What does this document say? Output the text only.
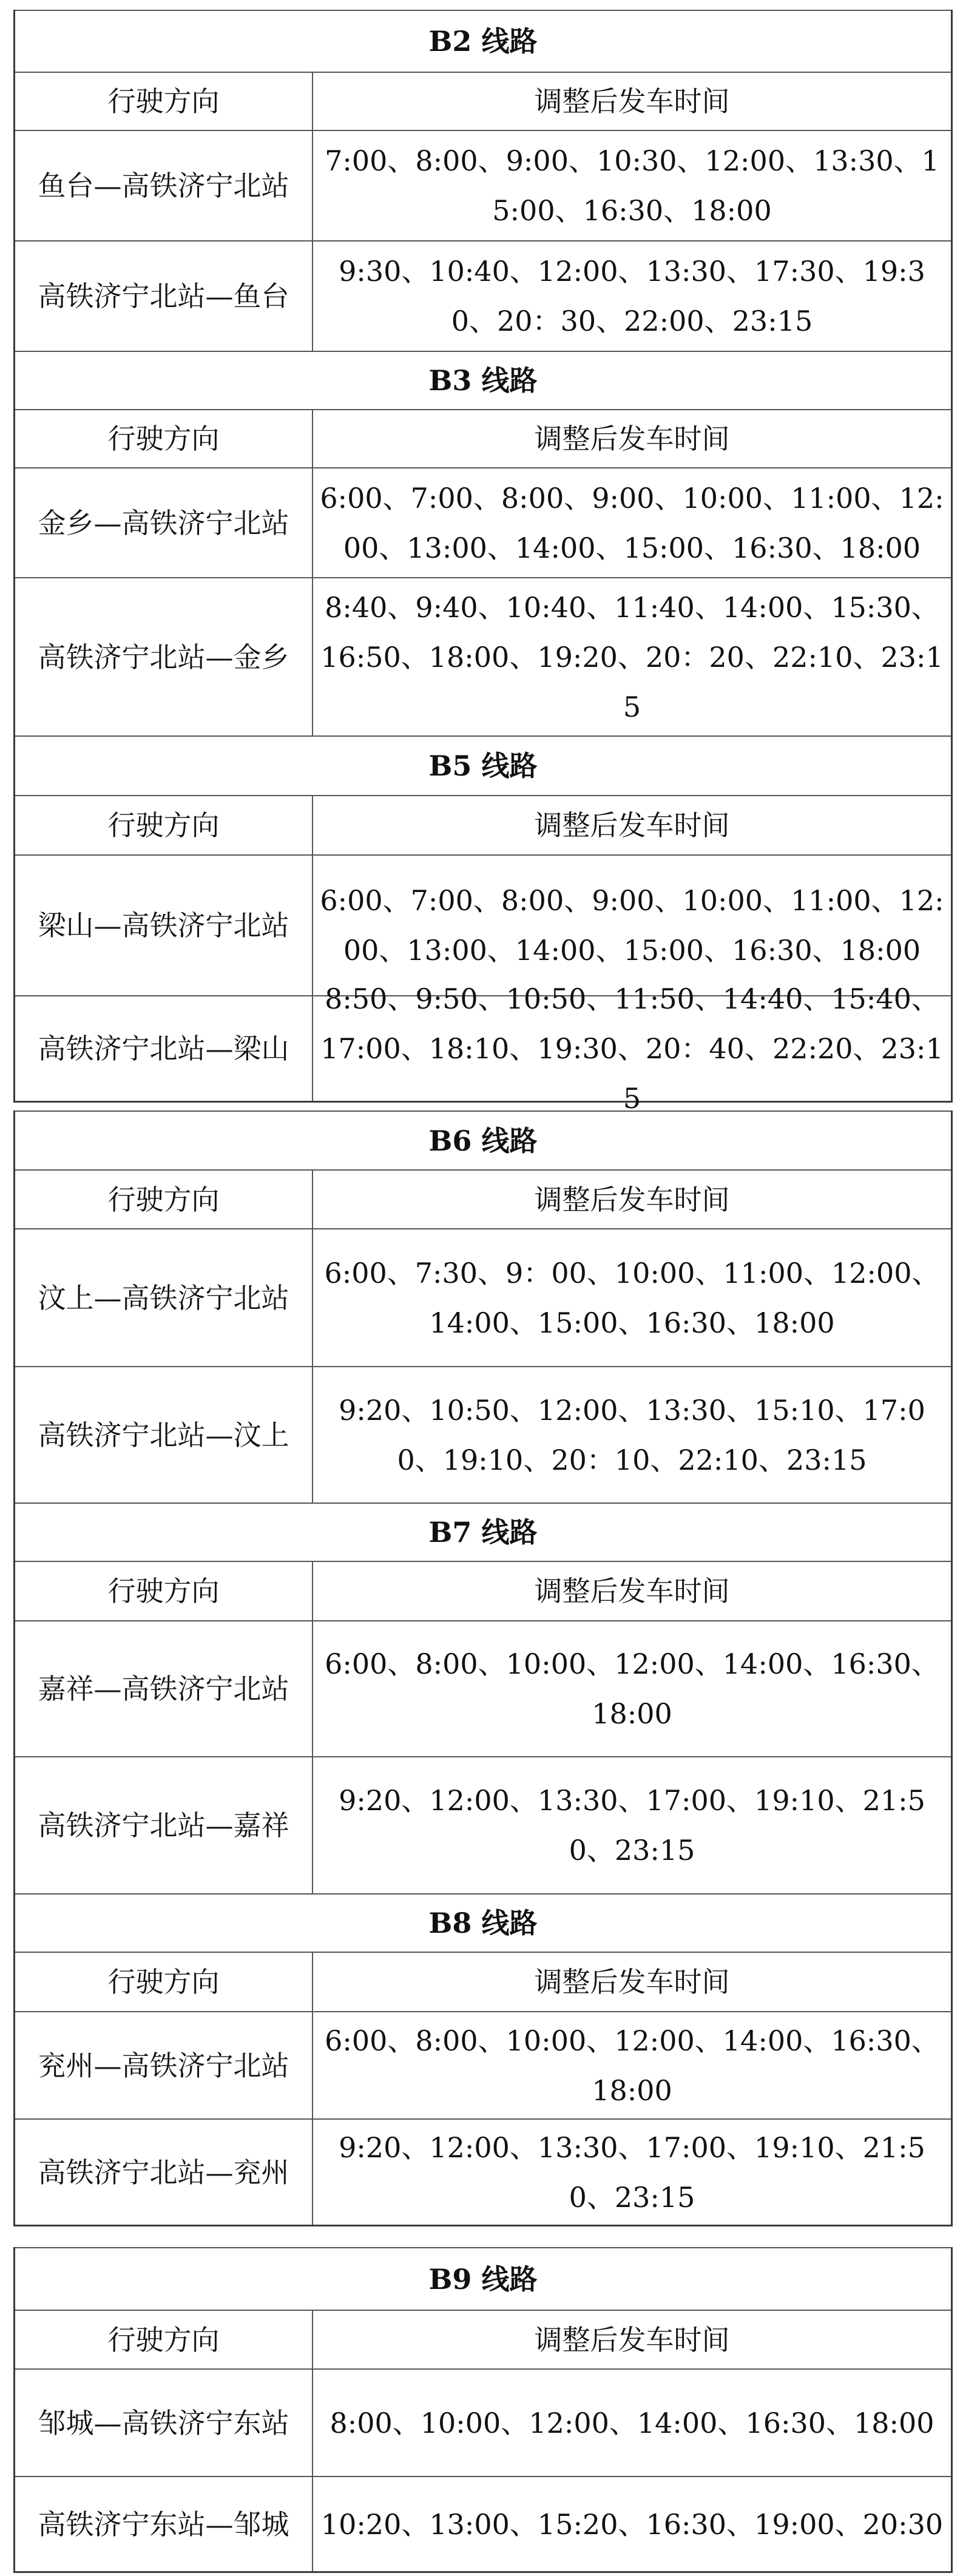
B2 线路
行驶方向	调整后发车时间
鱼台—高铁济宁北站
7:00、8:00、9:00、10:30、12:00、13:30、15:00、16:30、18:00
高铁济宁北站—鱼台
9:30、10:40、12:00、13:30、17:30、19:30、20：30、22:00、23:15
B3 线路
行驶方向	调整后发车时间
金乡—高铁济宁北站
6:00、7:00、8:00、9:00、10:00、11:00、12:00、13:00、14:00、15:00、16:30、18:00
高铁济宁北站—金乡
8:40、9:40、10:40、11:40、14:00、15:30、16:50、18:00、19:20、20：20、22:10、23:15
B5 线路
行驶方向	调整后发车时间
梁山—高铁济宁北站
6:00、7:00、8:00、9:00、10:00、11:00、12:00、13:00、14:00、15:00、16:30、18:00
高铁济宁北站—梁山
8:50、9:50、10:50、11:50、14:40、15:40、17:00、18:10、19:30、20：40、22:20、23:15
B6 线路
行驶方向	调整后发车时间
汶上—高铁济宁北站
6:00、7:30、9：00、10:00、11:00、12:00、14:00、15:00、16:30、18:00
高铁济宁北站—汶上
9:20、10:50、12:00、13:30、15:10、17:00、19:10、20：10、22:10、23:15
B7 线路
行驶方向	调整后发车时间
嘉祥—高铁济宁北站
6:00、8:00、10:00、12:00、14:00、16:30、18:00
高铁济宁北站—嘉祥
9:20、12:00、13:30、17:00、19:10、21:50、23:15
B8 线路
行驶方向	调整后发车时间
兖州—高铁济宁北站
6:00、8:00、10:00、12:00、14:00、16:30、18:00
高铁济宁北站—兖州
9:20、12:00、13:30、17:00、19:10、21:50、23:15
B9 线路
行驶方向	调整后发车时间
邹城—高铁济宁东站	8:00、10:00、12:00、14:00、16:30、18:00
高铁济宁东站—邹城	10:20、13:00、15:20、16:30、19:00、20:30
